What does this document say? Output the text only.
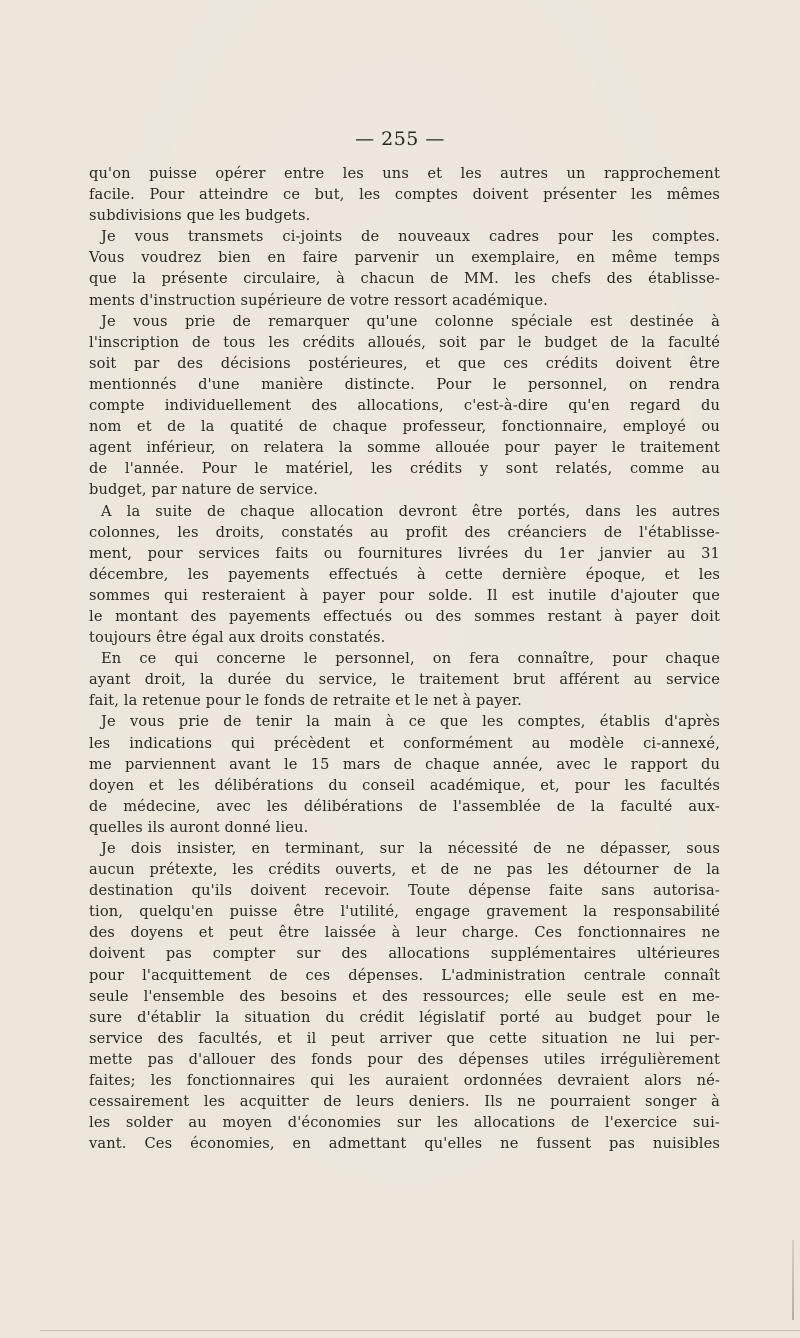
— 255 —
qu'on puisse opérer entre les uns et les autres un rapprochement
facile. Pour atteindre ce but, les comptes doivent présenter les mêmes
subdivisions que les budgets.
Je vous transmets ci-joints de nouveaux cadres pour les comptes.
Vous voudrez bien en faire parvenir un exemplaire, en même temps
que la présente circulaire, à chacun de MM. les chefs des établisse-
ments d'instruction supérieure de votre ressort académique.
Je vous prie de remarquer qu'une colonne spéciale est destinée à
l'inscription de tous les crédits alloués, soit par le budget de la faculté
soit par des décisions postérieures, et que ces crédits doivent être
mentionnés d'une manière distincte. Pour le personnel, on rendra
compte individuellement des allocations, c'est-à-dire qu'en regard du
nom et de la quatité de chaque professeur, fonctionnaire, employé ou
agent inférieur, on relatera la somme allouée pour payer le traitement
de l'année. Pour le matériel, les crédits y sont relatés, comme au
budget, par nature de service.
A la suite de chaque allocation devront être portés, dans les autres
colonnes, les droits, constatés au profit des créanciers de l'établisse-
ment, pour services faits ou fournitures livrées du 1er janvier au 31
décembre, les payements effectués à cette dernière époque, et les
sommes qui resteraient à payer pour solde. Il est inutile d'ajouter que
le montant des payements effectués ou des sommes restant à payer doit
toujours être égal aux droits constatés.
En ce qui concerne le personnel, on fera connaître, pour chaque
ayant droit, la durée du service, le traitement brut afférent au service
fait, la retenue pour le fonds de retraite et le net à payer.
Je vous prie de tenir la main à ce que les comptes, établis d'après
les indications qui précèdent et conformément au modèle ci-annexé,
me parviennent avant le 15 mars de chaque année, avec le rapport du
doyen et les délibérations du conseil académique, et, pour les facultés
de médecine, avec les délibérations de l'assemblée de la faculté aux-
quelles ils auront donné lieu.
Je dois insister, en terminant, sur la nécessité de ne dépasser, sous
aucun prétexte, les crédits ouverts, et de ne pas les détourner de la
destination qu'ils doivent recevoir. Toute dépense faite sans autorisa-
tion, quelqu'en puisse être l'utilité, engage gravement la responsabilité
des doyens et peut être laissée à leur charge. Ces fonctionnaires ne
doivent pas compter sur des allocations supplémentaires ultérieures
pour l'acquittement de ces dépenses. L'administration centrale connaît
seule l'ensemble des besoins et des ressources; elle seule est en me-
sure d'établir la situation du crédit législatif porté au budget pour le
service des facultés, et il peut arriver que cette situation ne lui per-
mette pas d'allouer des fonds pour des dépenses utiles irrégulièrement
faites; les fonctionnaires qui les auraient ordonnées devraient alors né-
cessairement les acquitter de leurs deniers. Ils ne pourraient songer à
les solder au moyen d'économies sur les allocations de l'exercice sui-
vant. Ces économies, en admettant qu'elles ne fussent pas nuisibles
